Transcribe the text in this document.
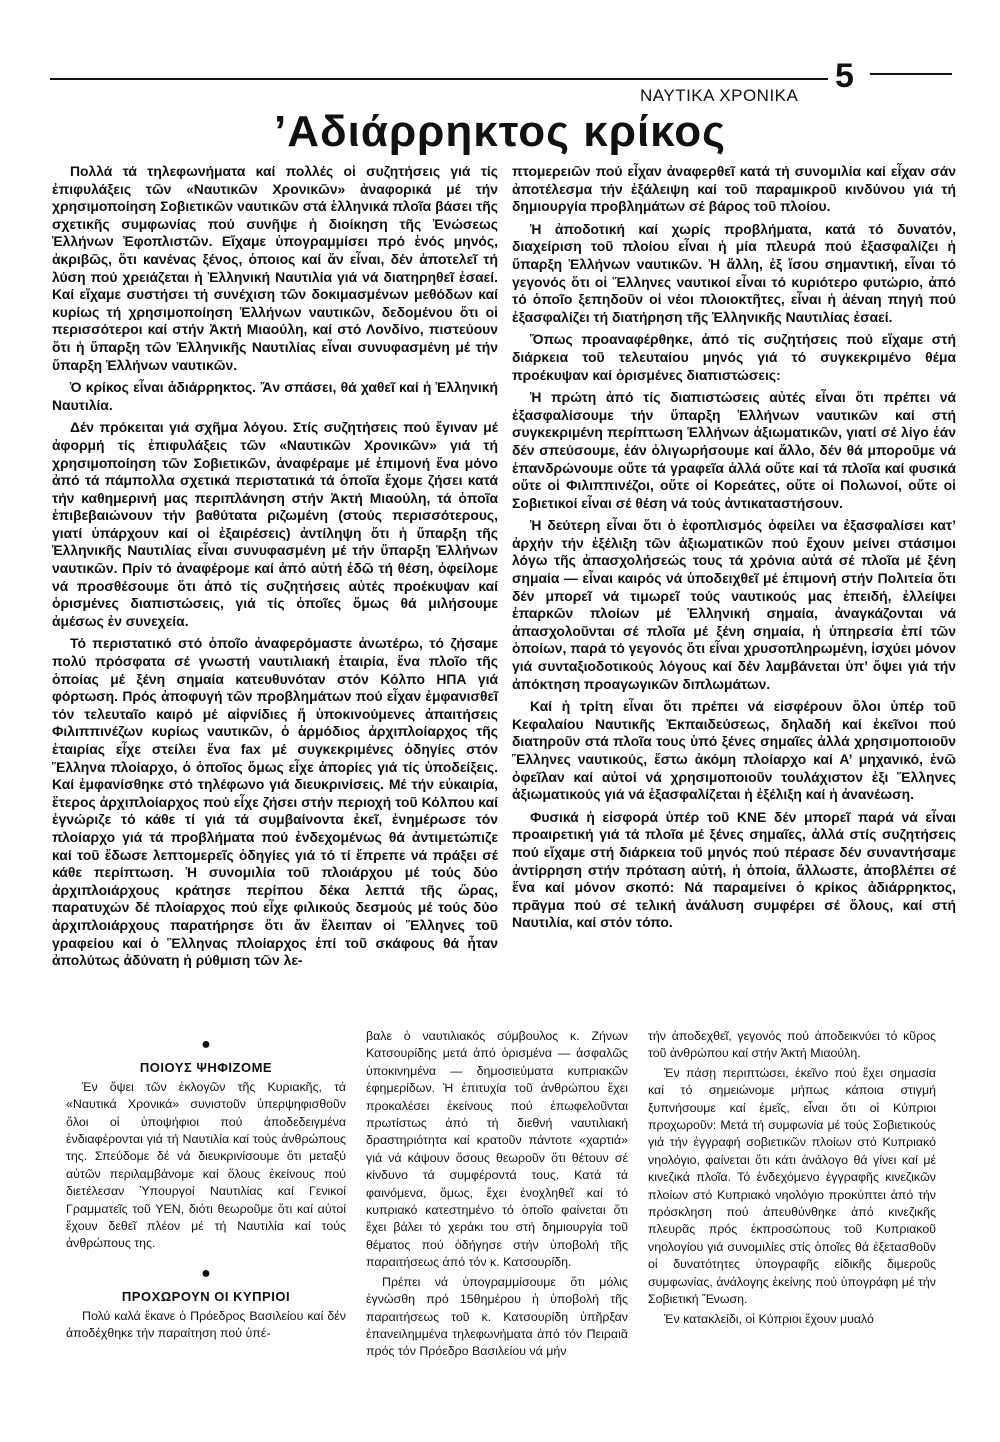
ΝΑΥΤΙΚΑ ΧΡΟΝΙΚΑ
5
’Αδιάρρηκτος κρίκος

Πολλά τά τηλεφωνήματα καί πολλές οἱ συζητήσεις γιά τίς ἐπιφυλάξεις τῶν «Ναυτικῶν Χρονικῶν» ἀναφορικά μέ τήν χρησιμοποίηση Σοβιετικῶν ναυτικῶν στά ἑλληνικά πλοῖα βάσει τῆς σχετικῆς συμφωνίας πού συνῆψε ἡ διοίκηση τῆς Ἑνώσεως Ἑλλήνων Ἐφοπλιστῶν. Εἴχαμε ὑπογραμμίσει πρό ἑνός μηνός, ἀκριβῶς, ὅτι κανένας ξένος, ὁποιος καί ἄν εἶναι, δέν ἀποτελεῖ τή λύση πού χρειάζεται ἡ Ἑλληνική Ναυτιλία γιά νά διατηρηθεῖ ἐσαεί. Καί εἴχαμε συστήσει τή συνέχιση τῶν δοκιμασμένων μεθόδων καί κυρίως τή χρησιμοποίηση Ἑλλήνων ναυτικῶν, δεδομένου ὅτι οἱ περισσότεροι καί στήν Ἀκτή Μιαούλη, καί στό Λονδίνο, πιστεύουν ὅτι ἡ ὕπαρξη τῶν Ἑλληνικῆς Ναυτιλίας εἶναι συνυφασμένη μέ τήν ὕπαρξη Ἑλλήνων ναυτικῶν.

Ὁ κρίκος εἶναι ἀδιάρρηκτος. Ἄν σπάσει, θά χαθεῖ καί ἡ Ἑλληνική Ναυτιλία.

Δέν πρόκειται γιά σχῆμα λόγου. Στίς συζητήσεις πού ἔγιναν μέ ἀφορμή τίς ἐπιφυλάξεις τῶν «Ναυτικῶν Χρονικῶν» γιά τή χρησιμοποίηση τῶν Σοβιετικῶν, ἀναφέραμε μέ ἐπιμονή ἕνα μόνο ἀπό τά πάμπολλα σχετικά περιστατικά τά ὁποῖα ἔχομε ζήσει κατά τήν καθημερινή μας περιπλάνηση στήν Ἀκτή Μιαούλη, τά ὁποῖα ἐπιβεβαιώνουν τήν βαθύτατα ριζωμένη (στούς περισσότερους, γιατί ὑπάρχουν καί οἱ ἐξαιρέσεις) ἀντίληψη ὅτι ἡ ὕπαρξη τῆς Ἑλληνικῆς Ναυτιλίας εἶναι συνυφασμένη μέ τήν ὕπαρξη Ἑλλήνων ναυτικῶν. Πρίν τό ἀναφέρομε καί ἀπό αὐτή ἐδῶ τή θέση, ὀφείλομε νά προσθέσουμε ὅτι ἀπό τίς συζητήσεις αὐτές προέκυψαν καί ὁρισμένες διαπιστώσεις, γιά τίς ὁποῖες ὅμως θά μιλήσουμε ἀμέσως ἐν συνεχεία.

Τό περιστατικό στό ὁποῖο ἀναφερόμαστε ἀνωτέρω, τό ζήσαμε πολύ πρόσφατα σέ γνωστή ναυτιλιακή ἑταιρία, ἕνα πλοῖο τῆς ὁποίας μέ ξένη σημαία κατευθυνόταν στόν Κόλπο ΗΠΑ γιά φόρτωση. Πρός ἀποφυγή τῶν προβλημάτων πού εἶχαν ἐμφανισθεῖ τόν τελευταῖο καιρό μέ αἰφνίδιες ἤ ὑποκινούμενες ἀπαιτήσεις Φιλιππινέζων κυρίως ναυτικῶν, ὁ ἁρμόδιος ἀρχιπλοίαρχος τῆς ἑταιρίας εἶχε στείλει ἕνα fax μέ συγκεκριμένες ὁδηγίες στόν Ἕλληνα πλοίαρχο, ὁ ὁποῖος ὅμως εἶχε ἀπορίες γιά τίς ὑποδείξεις. Καί ἐμφανίσθηκε στό τηλέφωνο γιά διευκρινίσεις. Μέ τήν εὐκαιρία, ἕτερος ἀρχιπλοίαρχος πού εἶχε ζήσει στήν περιοχή τοῦ Κόλπου καί ἐγνώριζε τό κάθε τί γιά τά συμβαίνοντα ἐκεῖ, ἐνημέρωσε τόν πλοίαρχο γιά τά προβλήματα πού ἐνδεχομένως θά ἀντιμετώπιζε καί τοῦ ἔδωσε λεπτομερεῖς ὁδηγίες γιά τό τί ἔπρεπε νά πράξει σέ κάθε περίπτωση. Ἡ συνομιλία τοῦ πλοιάρχου μέ τούς δύο ἀρχιπλοιάρχους κράτησε περίπου δέκα λεπτά τῆς ὥρας, παρατυχών δέ πλοίαρχος πού εἶχε φιλικούς δεσμούς μέ τούς δύο ἀρχιπλοιάρχους παρατήρησε ὅτι ἄν ἔλειπαν οἱ Ἕλληνες τοῦ γραφείου καί ὁ Ἕλληνας πλοίαρχος ἐπί τοῦ σκάφους θά ἦταν ἀπολύτως ἀδύνατη ἡ ρύθμιση τῶν λε-

πτομερειῶν πού εἶχαν ἀναφερθεῖ κατά τή συνομιλία καί εἶχαν σάν ἀποτέλεσμα τήν ἐξάλειψη καί τοῦ παραμικροῦ κινδύνου γιά τή δημιουργία προβλημάτων σέ βάρος τοῦ πλοίου.

Ἡ ἀποδοτική καί χωρίς προβλήματα, κατά τό δυνατόν, διαχείριση τοῦ πλοίου εἶναι ἡ μία πλευρά πού ἐξασφαλίζει ἡ ὕπαρξη Ἑλλήνων ναυτικῶν. Ἡ ἄλλη, ἐξ ἴσου σημαντική, εἶναι τό γεγονός ὅτι οἱ Ἕλληνες ναυτικοί εἶναι τό κυριότερο φυτώριο, ἀπό τό ὁποῖο ξεπηδοῦν οἱ νέοι πλοιοκτῆτες, εἶναι ἡ ἀέναη πηγή πού ἐξασφαλίζει τή διατήρηση τῆς Ἑλληνικῆς Ναυτιλίας ἐσαεί.

Ὅπως προαναφέρθηκε, ἀπό τίς συζητήσεις πού εἴχαμε στή διάρκεια τοῦ τελευταίου μηνός γιά τό συγκεκριμένο θέμα προέκυψαν καί ὁρισμένες διαπιστώσεις:

Ἡ πρώτη ἀπό τίς διαπιστώσεις αὐτές εἶναι ὅτι πρέπει νά ἐξασφαλίσουμε τήν ὕπαρξη Ἑλλήνων ναυτικῶν καί στή συγκεκριμένη περίπτωση Ἑλλήνων ἀξιωματικῶν, γιατί σέ λίγο ἐάν δέν σπεύσουμε, ἐάν ὀλιγωρήσουμε καί ἄλλο, δέν θά μποροῦμε νά ἐπανδρώνουμε οὔτε τά γραφεῖα ἀλλά οὔτε καί τά πλοῖα καί φυσικά οὔτε οἱ Φιλιππινέζοι, οὔτε οἱ Κορεάτες, οὔτε οἱ Πολωνοί, οὔτε οἱ Σοβιετικοί εἶναι σέ θέση νά τούς ἀντικαταστήσουν.

Ἡ δεύτερη εἶναι ὅτι ὁ ἐφοπλισμός ὀφείλει να ἐξασφαλίσει κατ’ ἀρχήν τήν ἐξέλιξη τῶν ἀξιωματικῶν πού ἔχουν μείνει στάσιμοι λόγω τῆς ἀπασχολήσεώς τους τά χρόνια αὐτά σέ πλοῖα μέ ξένη σημαία — εἶναι καιρός νά ὑποδειχθεῖ μέ ἐπιμονή στήν Πολιτεία ὅτι δέν μπορεῖ νά τιμωρεῖ τούς ναυτικούς μας ἐπειδή, ἐλλείψει ἐπαρκῶν πλοίων μέ Ἑλληνική σημαία, ἀναγκάζονται νά ἀπασχολοῦνται σέ πλοῖα μέ ξένη σημαία, ἡ ὑπηρεσία ἐπί τῶν ὁποίων, παρά τό γεγονός ὅτι εἶναι χρυσοπληρωμένη, ἰσχύει μόνον γιά συνταξιοδοτικούς λόγους καί δέν λαμβάνεται ὑπ’ ὄψει γιά τήν ἀπόκτηση προαγωγικῶν διπλωμάτων.

Καί ἡ τρίτη εἶναι ὅτι πρέπει νά εἰσφέρουν ὅλοι ὑπέρ τοῦ Κεφαλαίου Ναυτικῆς Ἐκπαιδεύσεως, δηλαδή καί ἐκεῖνοι πού διατηροῦν στά πλοῖα τους ὑπό ξένες σημαῖες ἀλλά χρησιμοποιοῦν Ἕλληνες ναυτικούς, ἔστω ἀκόμη πλοίαρχο καί Α’ μηχανικό, ἐνῶ ὀφεῖλαν καί αὐτοί νά χρησιμοποιοῦν τουλάχιστον ἐξι Ἕλληνες ἀξιωματικούς γιά νά ἐξασφαλίζεται ἡ ἐξέλιξη καί ἡ ἀνανέωση.

Φυσικά ἡ εἰσφορά ὑπέρ τοῦ ΚΝΕ δέν μπορεῖ παρά νά εἶναι προαιρετική γιά τά πλοῖα μέ ξένες σημαῖες, ἀλλά στίς συζητήσεις πού εἴχαμε στή διάρκεια τοῦ μηνός πού πέρασε δέν συναντήσαμε ἀντίρρηση στήν πρόταση αὐτή, ἡ ὁποία, ἄλλωστε, ἀποβλέπει σέ ἕνα καί μόνον σκοπό: Νά παραμείνει ὁ κρίκος ἀδιάρρηκτος, πρᾶγμα πού σέ τελική ἀνάλυση συμφέρει σέ ὅλους, καί στή Ναυτιλία, καί στόν τόπο.

●

ΠΟΙΟΥΣ ΨΗΦΙΖΟΜΕ

Ἐν ὄψει τῶν ἐκλογῶν τῆς Κυριακῆς, τά «Ναυτικά Χρονικά» συνιστοῦν ὑπερψηφισθοῦν ὅλοι οἱ ὑποψήφιοι πού ἀποδεδειγμένα ἐνδιαφέρονται γιά τή Ναυτιλία καί τούς ἀνθρώπους της. Σπεύδομε δέ νά διευκρινίσουμε ὅτι μεταξύ αὐτῶν περιλαμβάνομε καί ὅλους ἐκείνους πού διετέλεσαν Ὑπουργοί Ναυτιλίας καί Γενικοί Γραμματεῖς τοῦ ΥΕΝ, διότι θεωροῦμε ὅτι καί αὐτοί ἔχουν δεθεῖ πλέον μέ τή Ναυτιλία καί τούς ἀνθρώπους της.

●

ΠΡΟΧΩΡΟΥΝ ΟΙ ΚΥΠΡΙΟΙ

Πολύ καλά ἔκανε ὁ Πρόεδρος Βασιλείου καί δέν ἀποδέχθηκε τήν παραίτηση πού ὑπέ-

βαλε ὁ ναυτιλιακός σύμβουλος κ. Ζήνων Κατσουρίδης μετά ἀπό ὁρισμένα — ἀσφαλῶς ὑποκινημένα — δημοσιεύματα κυπριακῶν ἐφημερίδων. Ἡ ἐπιτυχία τοῦ ἀνθρώπου ἔχει προκαλέσει ἐκείνους πού ἐπωφελοῦνται πρωτίστως ἀπό τή διεθνή ναυτιλιακή δραστηριότητα καί κρατοῦν πάντοτε «χαρτιά» γιά νά κάψουν ὅσους θεωροῦν ὅτι θέτουν σέ κίνδυνο τά συμφέροντά τους. Κατά τά φαινόμενα, ὅμως, ἔχει ἐνοχληθεῖ καί τό κυπριακό κατεστημένο τό ὁποῖο φαίνεται ὅτι ἔχει βάλει τό χεράκι του στή δημιουργία τοῦ θέματος πού ὁδήγησε στήν ὑποβολή τῆς παραιτήσεως ἀπό τόν κ. Κατσουρίδη.

Πρέπει νά ὑπογραμμίσουμε ὅτι μόλις ἐγνώσθη πρό 15θημέρου ἡ ὑποβολή τῆς παραιτήσεως τοῦ κ. Κατσουρίδη ὑπῆρξαν ἐπανειλημμένα τηλεφωνήματα ἀπό τόν Πειραιᾶ πρός τόν Πρόεδρο Βασιλείου νά μήν

τήν ἀποδεχθεῖ, γεγονός πού ἀποδεικνύει τό κῦρος τοῦ ἀνθρώπου καί στήν Ἀκτή Μιαούλη.

Ἐν πάσῃ περιπτώσει, ἐκεῖνο πού ἔχει σημασία καί τό σημειώνομε μήπως κάποια στιγμή ξυπνήσουμε καί ἐμεῖς, εἶναι ὅτι οἱ Κύπριοι προχωροῦν: Μετά τή συμφωνία μέ τούς Σοβιετικούς γιά τήν ἐγγραφή σοβιετικῶν πλοίων στό Κυπριακό νηολόγιο, φαίνεται ὅτι κάτι ἀνάλογο θά γίνει καί μέ κινεζικά πλοῖα. Τό ἐνδεχόμενο ἐγγραφῆς κινεζικῶν πλοίων στό Κυπριακό νηολόγιο προκύπτει ἀπό τήν πρόσκληση πού ἀπευθύνθηκε ἀπό κινεζικῆς πλευρᾶς πρός ἐκπροσώπους τοῦ Κυπριακοῦ νηολογίου γιά συνομιλίες στίς ὁποῖες θά ἐξετασθοῦν οἱ δυνατότητες ὑπογραφῆς εἰδικῆς διμεροῦς συμφωνίας, ἀνάλογης ἐκείνης πού ὑπογράφη μέ τήν Σοβιετική Ἕνωση.

Ἐν κατακλείδι, οἱ Κύπριοι ἔχουν μυαλό
